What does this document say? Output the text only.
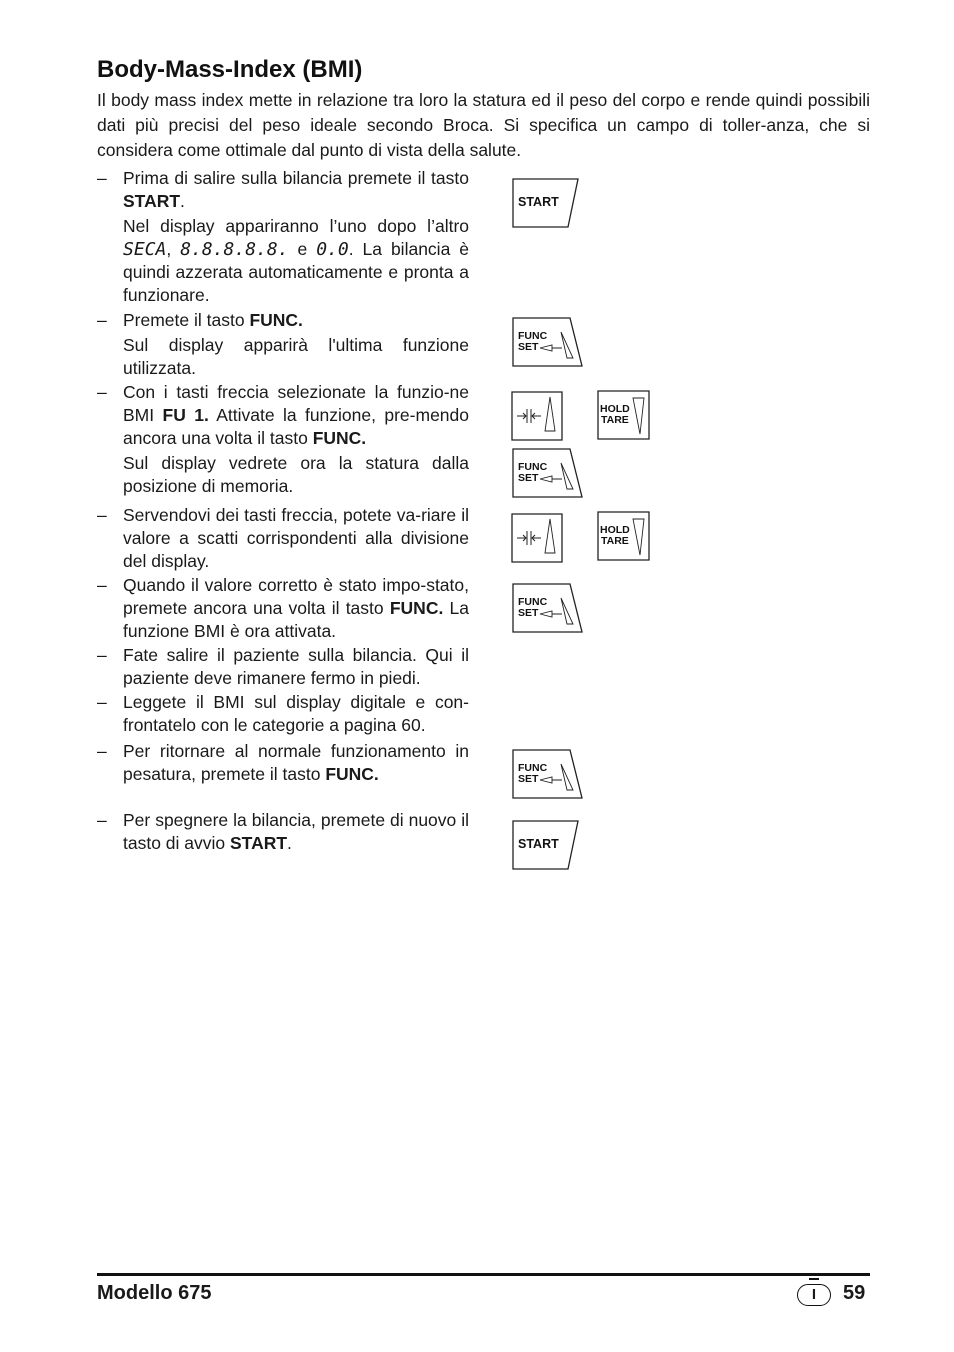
Body-Mass-Index (BMI)

Il body mass index mette in relazione tra loro la statura ed il peso del corpo e rende quindi possibili dati più precisi del peso ideale secondo Broca. Si specifica un campo di toller-anza, che si considera come ottimale dal punto di vista della salute.

– Prima di salire sulla bilancia premete il tasto START.
Nel display appariranno l’uno dopo l’altro SECA, 8.8.8.8.8. e 0.0. La bilancia è quindi azzerata automaticamente e pronta a funzionare.
– Premete il tasto FUNC.
Sul display apparirà l'ultima funzione utilizzata.
– Con i tasti freccia selezionate la funzio-ne BMI FU 1. Attivate la funzione, pre-mendo ancora una volta il tasto FUNC.
Sul display vedrete ora la statura dalla posizione di memoria.
– Servendovi dei tasti freccia, potete va-riare il valore a scatti corrispondenti alla divisione del display.
– Quando il valore corretto è stato impo-stato, premete ancora una volta il tasto FUNC. La funzione BMI è ora attivata.
– Fate salire il paziente sulla bilancia. Qui il paziente deve rimanere fermo in piedi.
– Leggete il BMI sul display digitale e con-frontatelo con le categorie a pagina 60.
– Per ritornare al normale funzionamento in pesatura, premete il tasto FUNC.
– Per spegnere la bilancia, premete di nuovo il tasto di avvio START.
START
FUNC
SET
HOLD
TARE
FUNC
SET
HOLD
TARE
FUNC
SET
FUNC
SET
START
Modello 675	I	59
